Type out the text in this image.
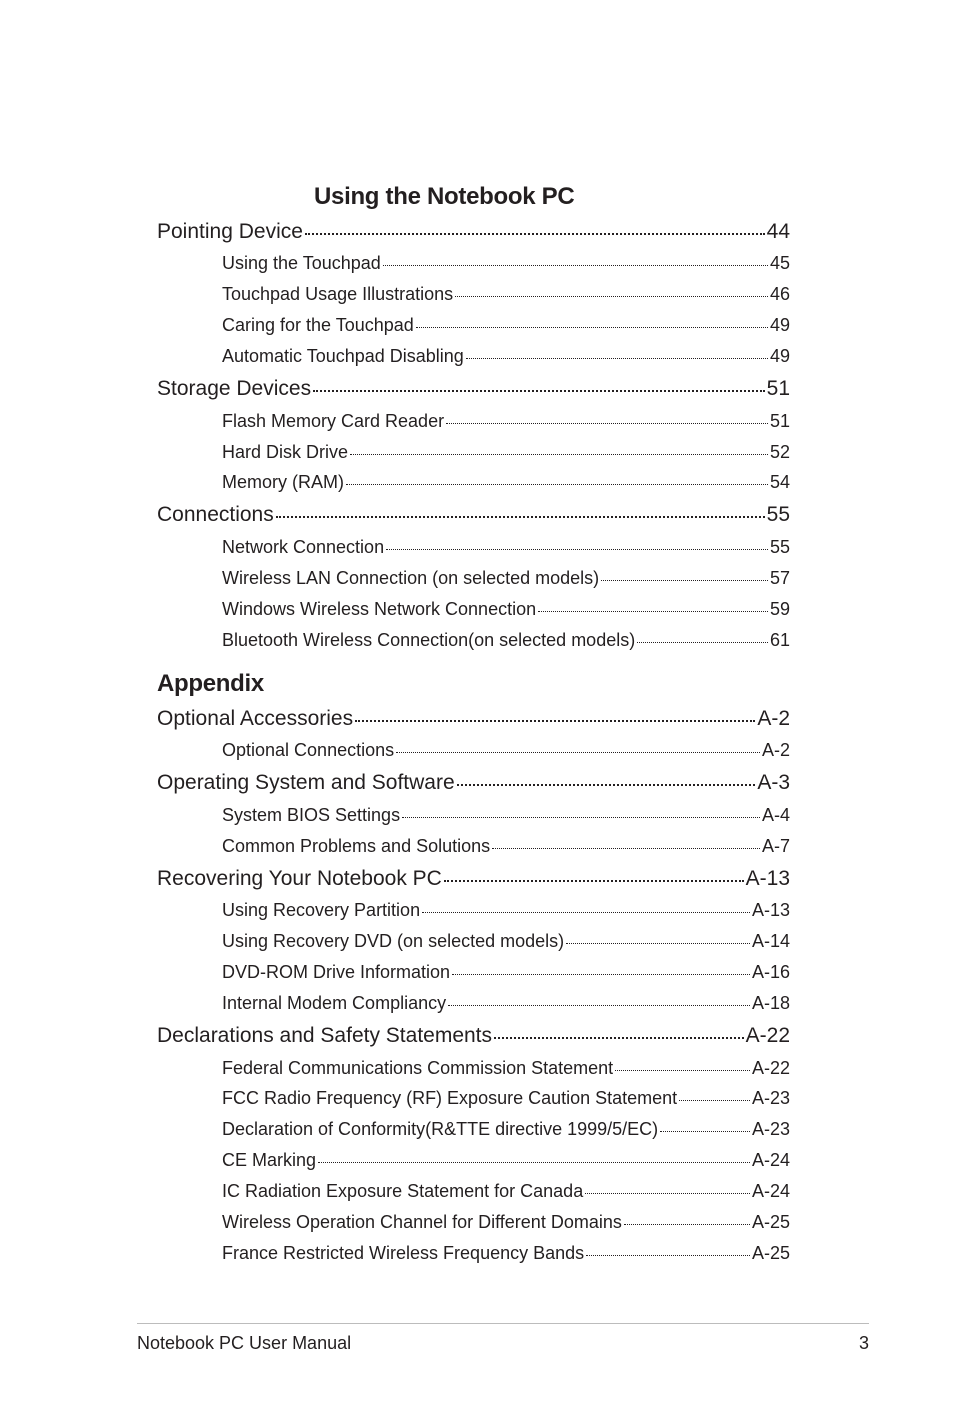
Using the Notebook PC
Pointing Device	44
Using the Touchpad	45
Touchpad Usage Illustrations	46
Caring for the Touchpad	49
Automatic Touchpad Disabling	49
Storage Devices	51
Flash Memory Card Reader	51
Hard Disk Drive	52
Memory (RAM)	54
Connections	55
Network Connection	55
Wireless LAN Connection (on selected models)	57
Windows Wireless Network Connection	59
Bluetooth Wireless Connection(on selected models)	61
Appendix
Optional Accessories	A-2
Optional Connections	A-2
Operating System and Software	A-3
System BIOS Settings	A-4
Common Problems and Solutions	A-7
Recovering Your Notebook PC	A-13
Using Recovery Partition	A-13
Using Recovery DVD (on selected models)	A-14
DVD-ROM Drive Information	A-16
Internal Modem Compliancy	A-18
Declarations and Safety Statements	A-22
Federal Communications Commission Statement	A-22
FCC Radio Frequency (RF) Exposure Caution Statement	A-23
Declaration of Conformity(R&TTE directive 1999/5/EC)	A-23
CE Marking	A-24
IC Radiation Exposure Statement for Canada	A-24
Wireless Operation Channel for Different Domains	A-25
France Restricted Wireless Frequency Bands	A-25
Notebook PC User Manual	3
